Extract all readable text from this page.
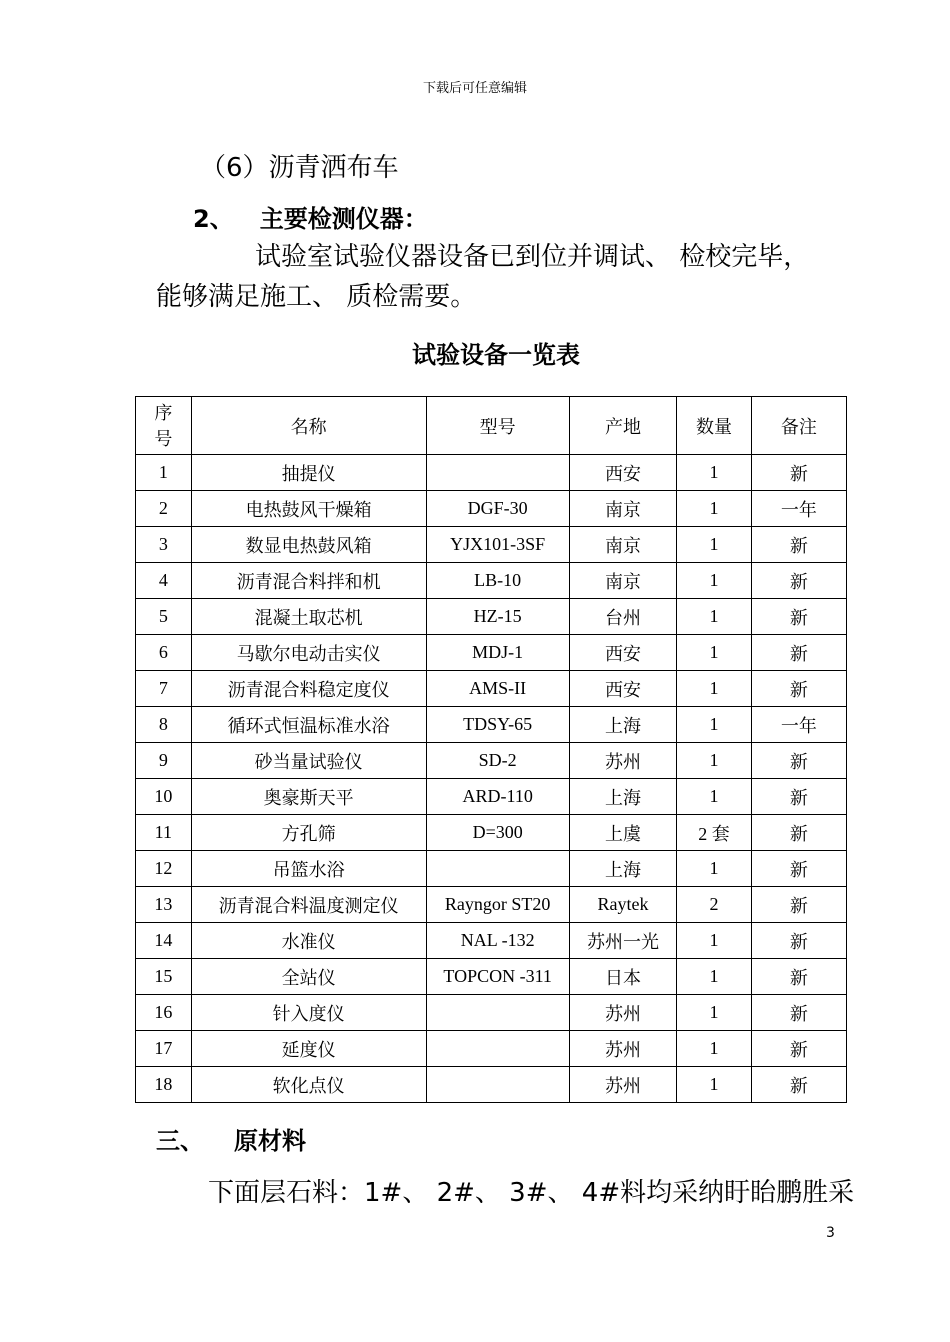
下载后可任意编辑
（6）沥青洒布车
2、 主要检测仪器：
试验室试验仪器设备已到位并调试、 检校完毕，
能够满足施工、 质检需要。
试验设备一览表
序号	名称	型号	产地	数量	备注
1	抽提仪		西安	1	新
2	电热鼓风干燥箱	DGF-30	南京	1	一年
3	数显电热鼓风箱	YJX101-3SF	南京	1	新
4	沥青混合料拌和机	LB-10	南京	1	新
5	混凝土取芯机	HZ-15	台州	1	新
6	马歇尔电动击实仪	MDJ-1	西安	1	新
7	沥青混合料稳定度仪	AMS-II	西安	1	新
8	循环式恒温标准水浴	TDSY-65	上海	1	一年
9	砂当量试验仪	SD-2	苏州	1	新
10	奥豪斯天平	ARD-110	上海	1	新
11	方孔筛	D=300	上虞	2 套	新
12	吊篮水浴		上海	1	新
13	沥青混合料温度测定仪	Rayngor ST20	Raytek	2	新
14	水准仪	NAL -132	苏州一光	1	新
15	全站仪	TOPCON -311	日本	1	新
16	针入度仪		苏州	1	新
17	延度仪		苏州	1	新
18	软化点仪		苏州	1	新
三、 原材料
下面层石料：1#、 2#、 3#、 4#料均采纳盱眙鹏胜采
3
